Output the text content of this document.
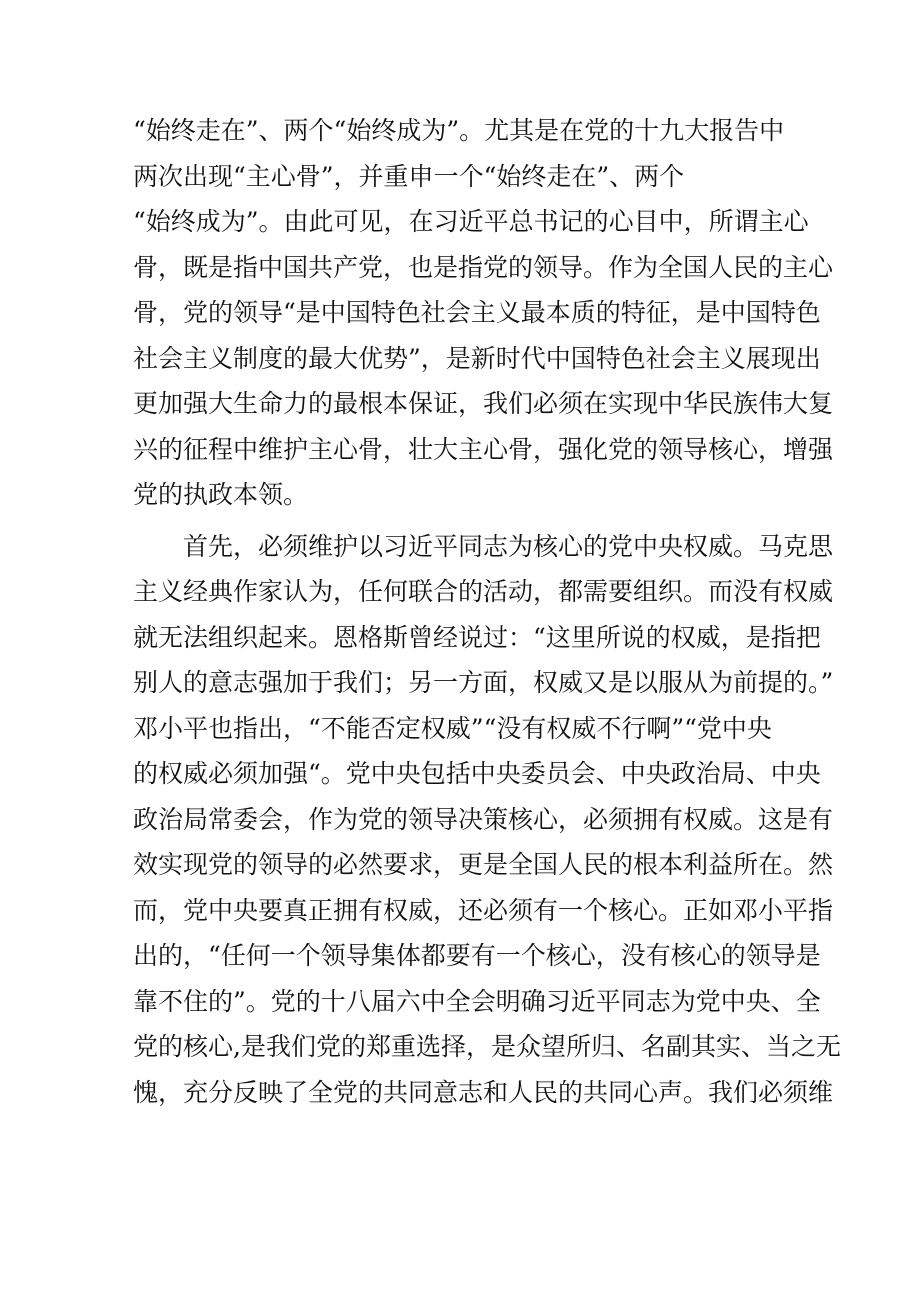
“始终走在”、两个“始终成为”。尤其是在党的十九大报告中
两次出现“主心骨”，并重申一个“始终走在”、两个
“始终成为”。由此可见，在习近平总书记的心目中，所谓主心
骨，既是指中国共产党，也是指党的领导。作为全国人民的主心
骨，党的领导“是中国特色社会主义最本质的特征，是中国特色
社会主义制度的最大优势”，是新时代中国特色社会主义展现出
更加强大生命力的最根本保证，我们必须在实现中华民族伟大复
兴的征程中维护主心骨，壮大主心骨，强化党的领导核心，增强
党的执政本领。
　　首先，必须维护以习近平同志为核心的党中央权威。马克思
主义经典作家认为，任何联合的活动，都需要组织。而没有权威
就无法组织起来。恩格斯曾经说过：“这里所说的权威，是指把
别人的意志强加于我们；另一方面，权威又是以服从为前提的。”
邓小平也指出，“不能否定权威”“没有权威不行啊”“党中央
的权威必须加强“。党中央包括中央委员会、中央政治局、中央
政治局常委会，作为党的领导决策核心，必须拥有权威。这是有
效实现党的领导的必然要求，更是全国人民的根本利益所在。然
而，党中央要真正拥有权威，还必须有一个核心。正如邓小平指
出的，“任何一个领导集体都要有一个核心，没有核心的领导是
靠不住的”。党的十八届六中全会明确习近平同志为党中央、全
党的核心,是我们党的郑重选择，是众望所归、名副其实、当之无
愧，充分反映了全党的共同意志和人民的共同心声。我们必须维
